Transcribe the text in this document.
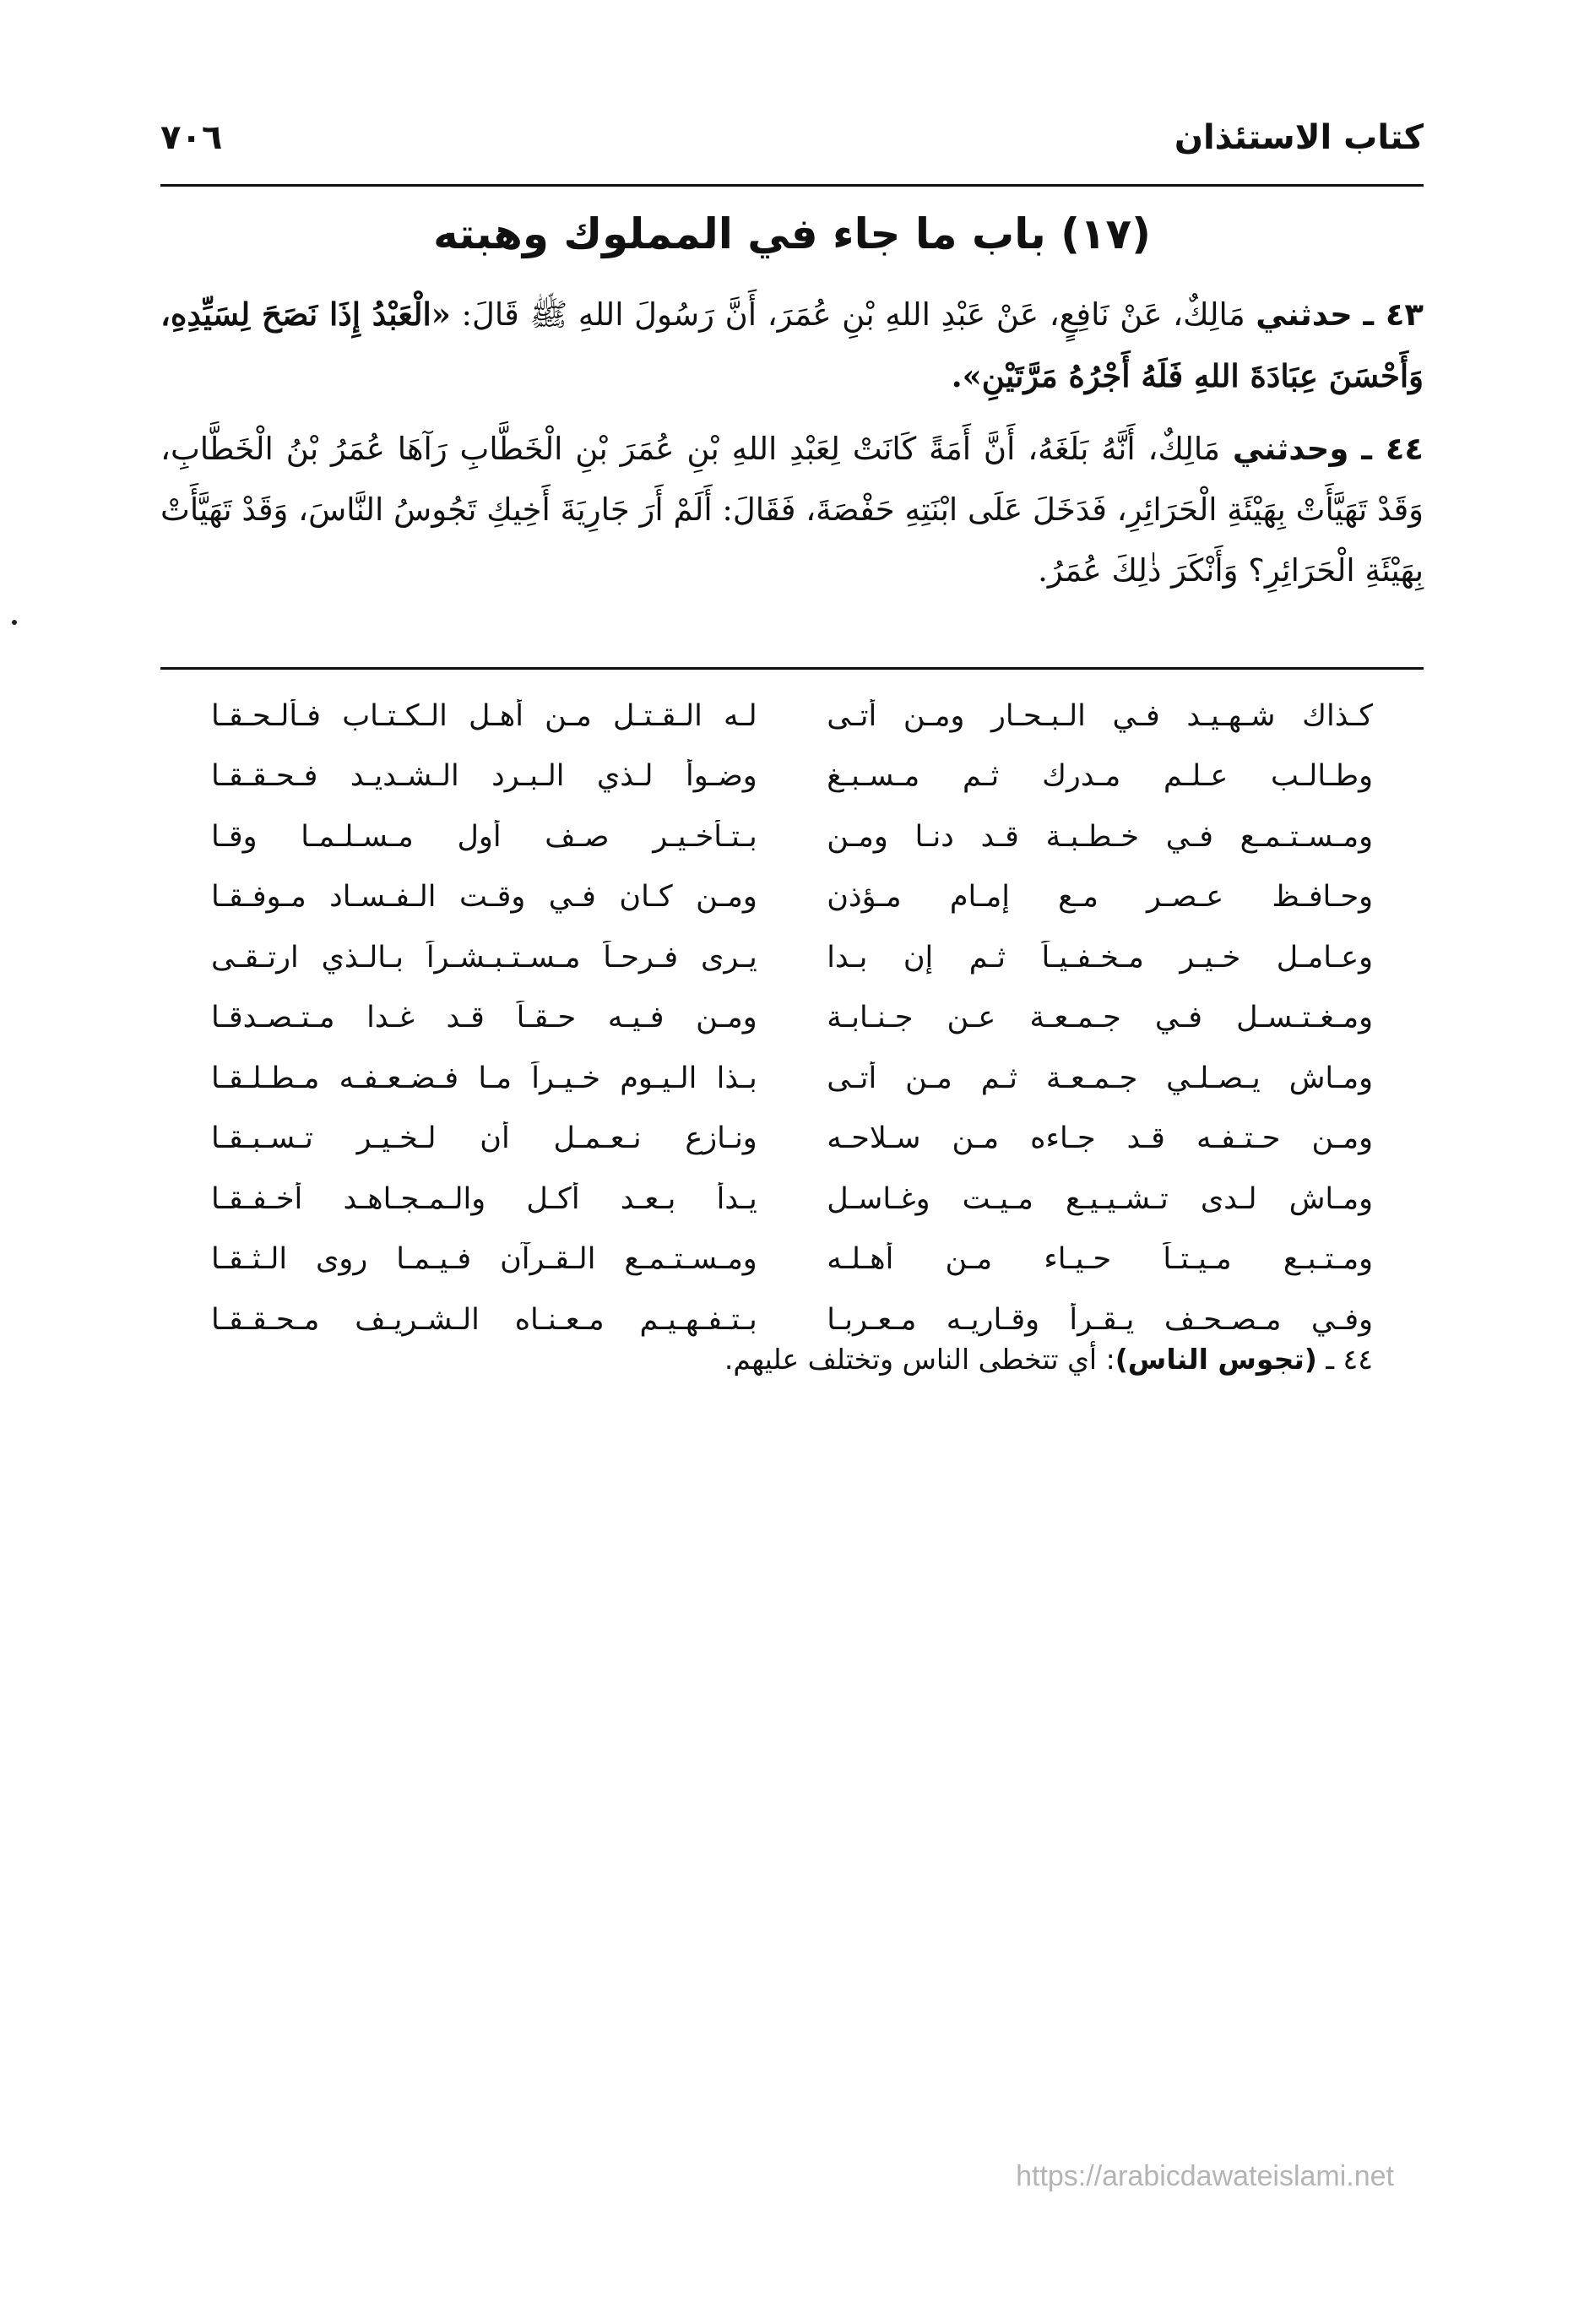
٧٠٦	كتاب الاستئذان
(١٧) باب ما جاء في المملوك وهبته

٤٣ ـ حدثني مَالِكٌ، عَنْ نَافِعٍ، عَنْ عَبْدِ اللهِ بْنِ عُمَرَ، أَنَّ رَسُولَ اللهِ ﷺ قَالَ: «الْعَبْدُ إِذَا نَصَحَ لِسَيِّدِهِ، وَأَحْسَنَ عِبَادَةَ اللهِ فَلَهُ أَجْرُهُ مَرَّتَيْنِ».

٤٤ ـ وحدثني مَالِكٌ، أَنَّهُ بَلَغَهُ، أَنَّ أَمَةً كَانَتْ لِعَبْدِ اللهِ بْنِ عُمَرَ بْنِ الْخَطَّابِ رَآهَا عُمَرُ بْنُ الْخَطَّابِ، وَقَدْ تَهَيَّأَتْ بِهَيْئَةِ الْحَرَائِرِ، فَدَخَلَ عَلَى ابْنَتِهِ حَفْصَةَ، فَقَالَ: أَلَمْ أَرَ جَارِيَةَ أَخِيكِ تَجُوسُ النَّاسَ، وَقَدْ تَهَيَّأَتْ بِهَيْئَةِ الْحَرَائِرِ؟ وَأَنْكَرَ ذٰلِكَ عُمَرُ.

كـذاك شـهـيـد فـي الـبـحـار ومـن أتـى
لـه الـقـتـل مـن أهـل الـكـتـاب فـألـحـقـا
وطـالـب عـلـم مـدرك ثـم مـسـبـغ
وضـوأ لـذي الـبـرد الـشـديـد فـحـقـقـا
ومـسـتـمـع فـي خـطـبـة قـد دنـا ومـن
بـتـأخـيـر صـف أول مـسـلـمـا وقـا
وحـافـظ عـصـر مـع إمـام مـؤذن
ومـن كـان فـي وقـت الـفـسـاد مـوفـقـا
وعـامـل خـيـر مـخـفـيـاً ثـم إن بـدا
يـرى فـرحـاً مـسـتـبـشـراً بـالـذي ارتـقـى
ومـغـتـسـل فـي جـمـعـة عـن جـنـابـة
ومـن فـيـه حـقـاً قـد غـدا مـتـصـدقـا
ومـاشٍ يـصـلـي جـمـعـة ثـم مـن أتـى
بـذا الـيـوم خـيـراً مـا فـضـعـفـه مـطـلـقـا
ومـن حـتـفـه قـد جـاءه مـن سـلاحـه
ونـازع نـعـمـل أن لـخـيـر تـسـبـقـا
ومـاشٍ لـدى تـشـيـيـع مـيـت وغـاسـل
يـدأ بـعـد أكـل والـمـجـاهـد أخـفـقـا
ومـتـبـع مـيـتـاً حـيـاء مـن أهـلـه
ومـسـتـمـع الـقـرآن فـيـمـا روى الـثـقـا
وفـي مـصـحـف يـقـرأ وقـاريـه مـعـربـا
بـتـفـهـيـم مـعـنـاه الـشـريـف مـحـقـقـا
٤٤ ـ (تجوس الناس): أي تتخطى الناس وتختلف عليهم.
https://arabicdawateislami.net
